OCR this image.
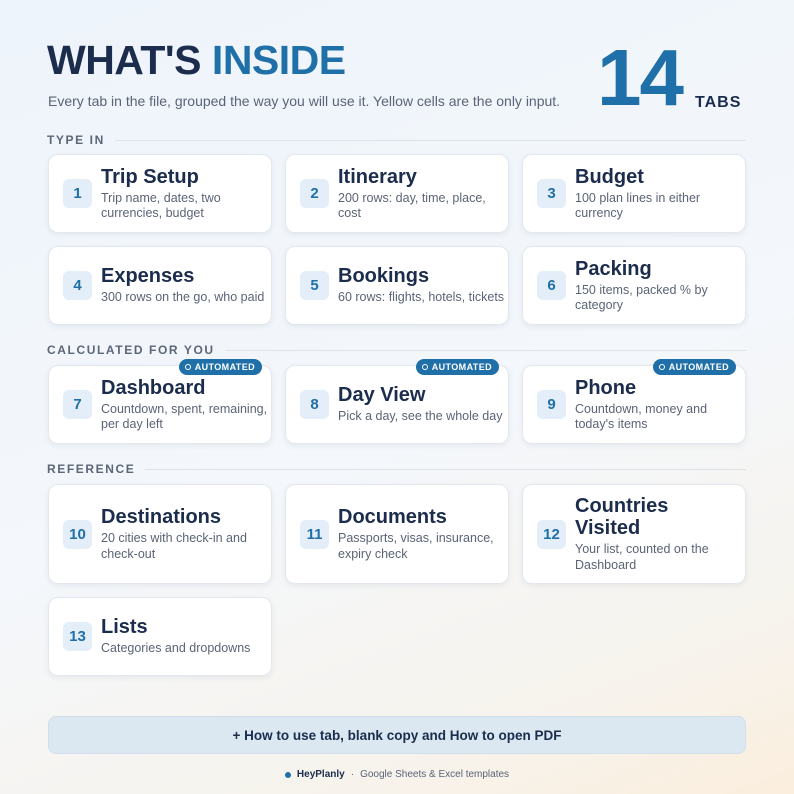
WHAT'S INSIDE
Every tab in the file, grouped the way you will use it. Yellow cells are the only input. 14 TABS
TYPE IN
1
Trip Setup
Trip name, dates, two currencies, budget
2
Itinerary
200 rows: day, time, place, cost
3
Budget
100 plan lines in either currency
4 Expenses
300 rows on the go, who paid
5 Bookings
60 rows: flights, hotels, tickets
6
Packing
150 items, packed % by category
CALCULATED FOR YOU
AUTOMATED
7
Dashboard
Countdown, spent, remaining, per day left
AUTOMATED
8 Day View
Pick a day, see the whole day
AUTOMATED
9
Phone
Countdown, money and today's items
REFERENCE
10
Destinations
20 cities with check-in and check-out
11
Documents
Passports, visas, insurance, expiry check
12
Countries Visited
Your list, counted on the Dashboard
13 Lists
Categories and dropdowns
+ How to use tab, blank copy and How to open PDF
HeyPlanly · Google Sheets & Excel templates
